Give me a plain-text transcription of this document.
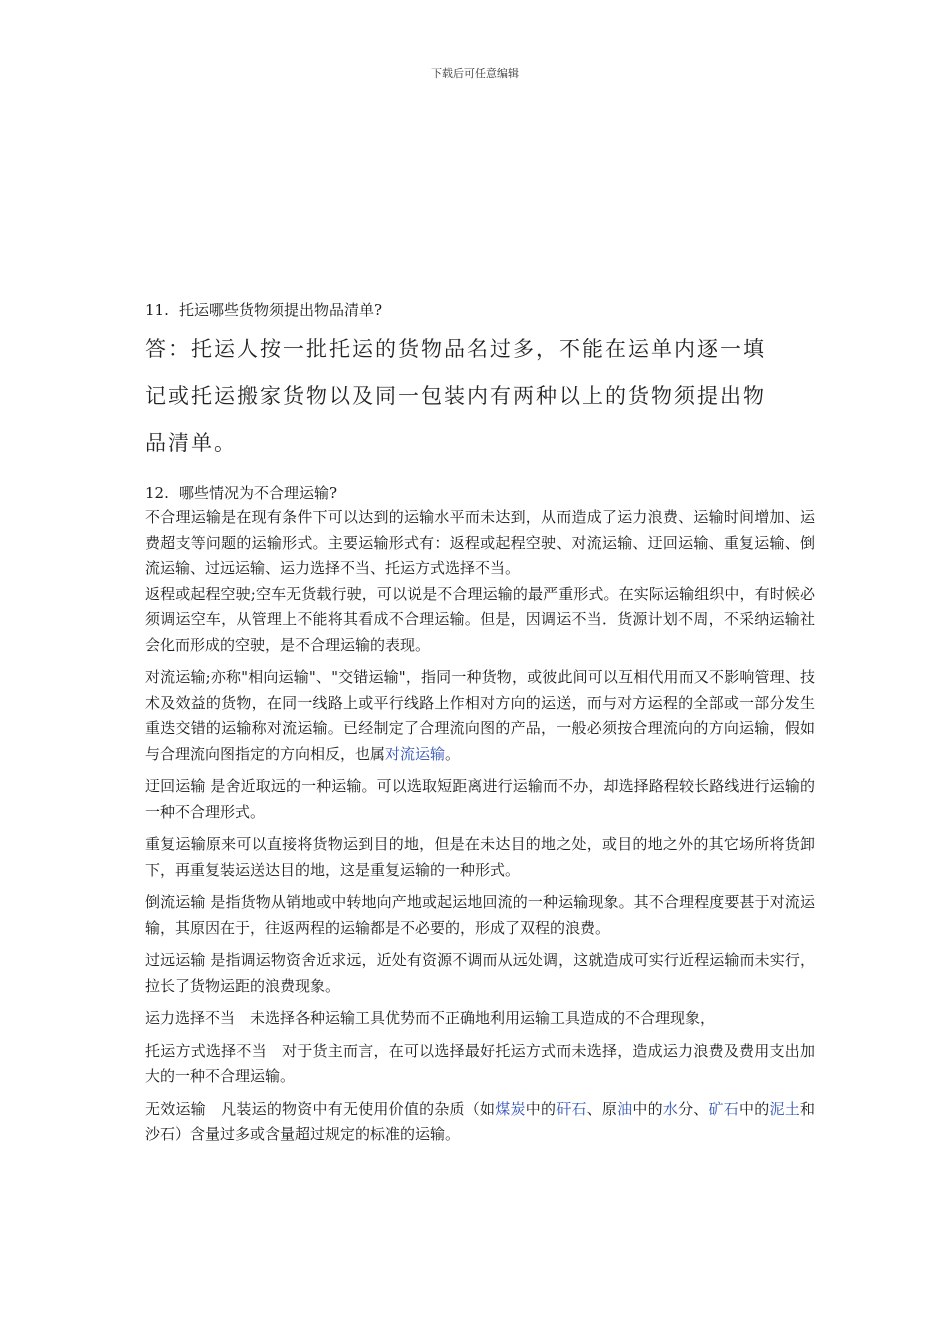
下载后可任意编辑

11. 托运哪些货物须提出物品清单?

答：托运人按一批托运的货物品名过多，不能在运单内逐一填记或托运搬家货物以及同一包装内有两种以上的货物须提出物品清单。

12. 哪些情况为不合理运输?

不合理运输是在现有条件下可以达到的运输水平而未达到，从而造成了运力浪费、运输时间增加、运费超支等问题的运输形式。主要运输形式有：返程或起程空驶、对流运输、迂回运输、重复运输、倒流运输、过远运输、运力选择不当、托运方式选择不当。

返程或起程空驶;空车无货载行驶，可以说是不合理运输的最严重形式。在实际运输组织中，有时候必须调运空车，从管理上不能将其看成不合理运输。但是，因调运不当．货源计划不周，不采纳运输社会化而形成的空驶，是不合理运输的表现。

对流运输;亦称"相向运输"、"交错运输"，指同一种货物，或彼此间可以互相代用而又不影响管理、技术及效益的货物，在同一线路上或平行线路上作相对方向的运送，而与对方运程的全部或一部分发生重迭交错的运输称对流运输。已经制定了合理流向图的产品，一般必须按合理流向的方向运输，假如与合理流向图指定的方向相反，也属对流运输。

迂回运输 是舍近取远的一种运输。可以选取短距离进行运输而不办，却选择路程较长路线进行运输的一种不合理形式。

重复运输原来可以直接将货物运到目的地，但是在未达目的地之处，或目的地之外的其它场所将货卸下，再重复装运送达目的地，这是重复运输的一种形式。

倒流运输 是指货物从销地或中转地向产地或起运地回流的一种运输现象。其不合理程度要甚于对流运输，其原因在于，往返两程的运输都是不必要的，形成了双程的浪费。

过远运输 是指调运物资舍近求远，近处有资源不调而从远处调，这就造成可实行近程运输而未实行，拉长了货物运距的浪费现象。

运力选择不当　未选择各种运输工具优势而不正确地利用运输工具造成的不合理现象，

托运方式选择不当　对于货主而言，在可以选择最好托运方式而未选择，造成运力浪费及费用支出加大的一种不合理运输。

无效运输　凡装运的物资中有无使用价值的杂质（如煤炭中的矸石、原油中的水分、矿石中的泥土和沙石）含量过多或含量超过规定的标准的运输。
